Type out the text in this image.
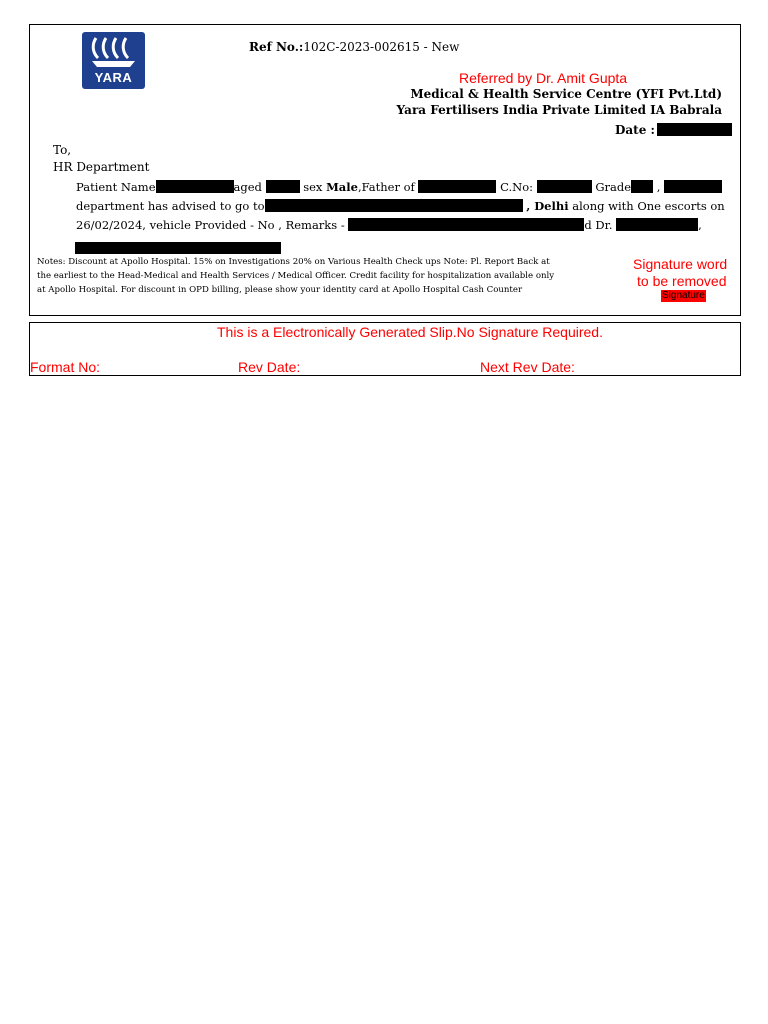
YARA
Ref No.:102C-2023-002615 - New
Referred by Dr. Amit Gupta
Medical & Health Service Centre (YFI Pvt.Ltd)
Yara Fertilisers India Private Limited IA Babrala
Date :
To,
HR Department
Patient Name	aged	sex Male,Father of	C.No:	Grade ,
department has advised to go to	, Delhi along with One escorts on
26/02/2024, vehicle Provided - No , Remarks -	d Dr.	,
Notes: Discount at Apollo Hospital. 15% on Investigations 20% on Various Health Check ups Note: Pl. Report Back at the earliest to the Head-Medical and Health Services / Medical Officer. Credit facility for hospitalization available only at Apollo Hospital. For discount in OPD billing, please show your identity card at Apollo Hospital Cash Counter
Signature word
to be removed
Signature
This is a Electronically Generated Slip.No Signature Required.
Format No:	Rev Date:	Next Rev Date:
